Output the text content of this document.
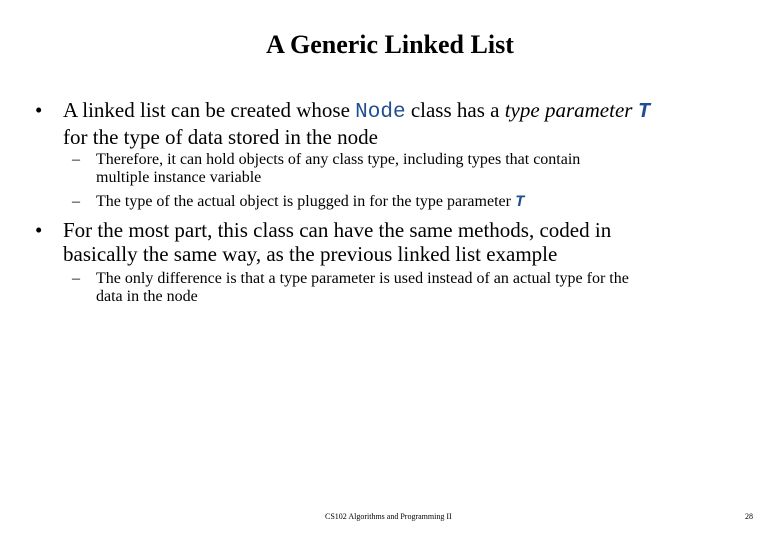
A Generic Linked List
• A linked list can be created whose Node class has a type parameter T
for the type of data stored in the node
– Therefore, it can hold objects of any class type, including types that contain
multiple instance variable
– The type of the actual object is plugged in for the type parameter T
• For the most part, this class can have the same methods, coded in
basically the same way, as the previous linked list example
– The only difference is that a type parameter is used instead of an actual type for the
data in the node
CS102 Algorithms and Programming II	28
